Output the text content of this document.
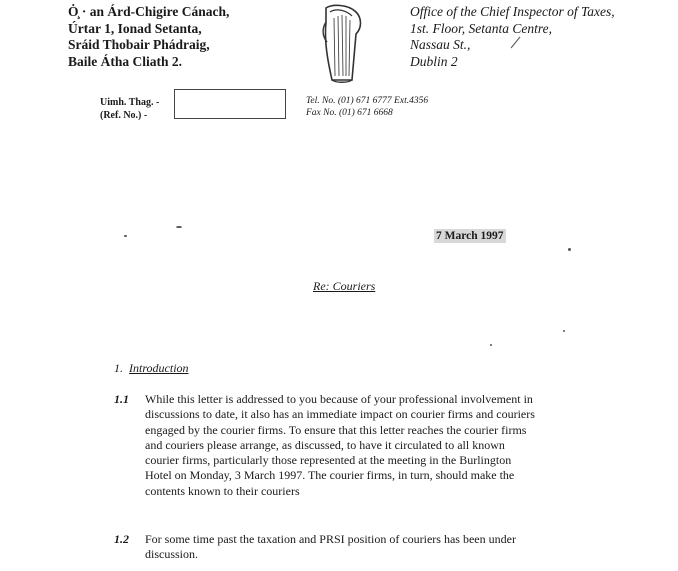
Ȯ̧ · an Árd-Chigire Cánach,
Úrtar 1, Ionad Setanta,
Sráid Thobair Phádraig,
Baile Átha Cliath 2.
Office of the Chief Inspector of Taxes,
1st. Floor, Setanta Centre,
Nassau St.,
Dublin 2
Uimh. Thag. -
(Ref. No.) -
Tel. No. (01) 671 6777 Ext.4356
Fax No. (01) 671 6668
7 March 1997
Re: Couriers
1. Introduction
1.1 While this letter is addressed to you because of your professional involvement in
discussions to date, it also has an immediate impact on courier firms and couriers
engaged by the courier firms. To ensure that this letter reaches the courier firms
and couriers please arrange, as discussed, to have it circulated to all known
courier firms, particularly those represented at the meeting in the Burlington
Hotel on Monday, 3 March 1997. The courier firms, in turn, should make the
contents known to their couriers
1.2 For some time past the taxation and PRSI position of couriers has been under
discussion.
